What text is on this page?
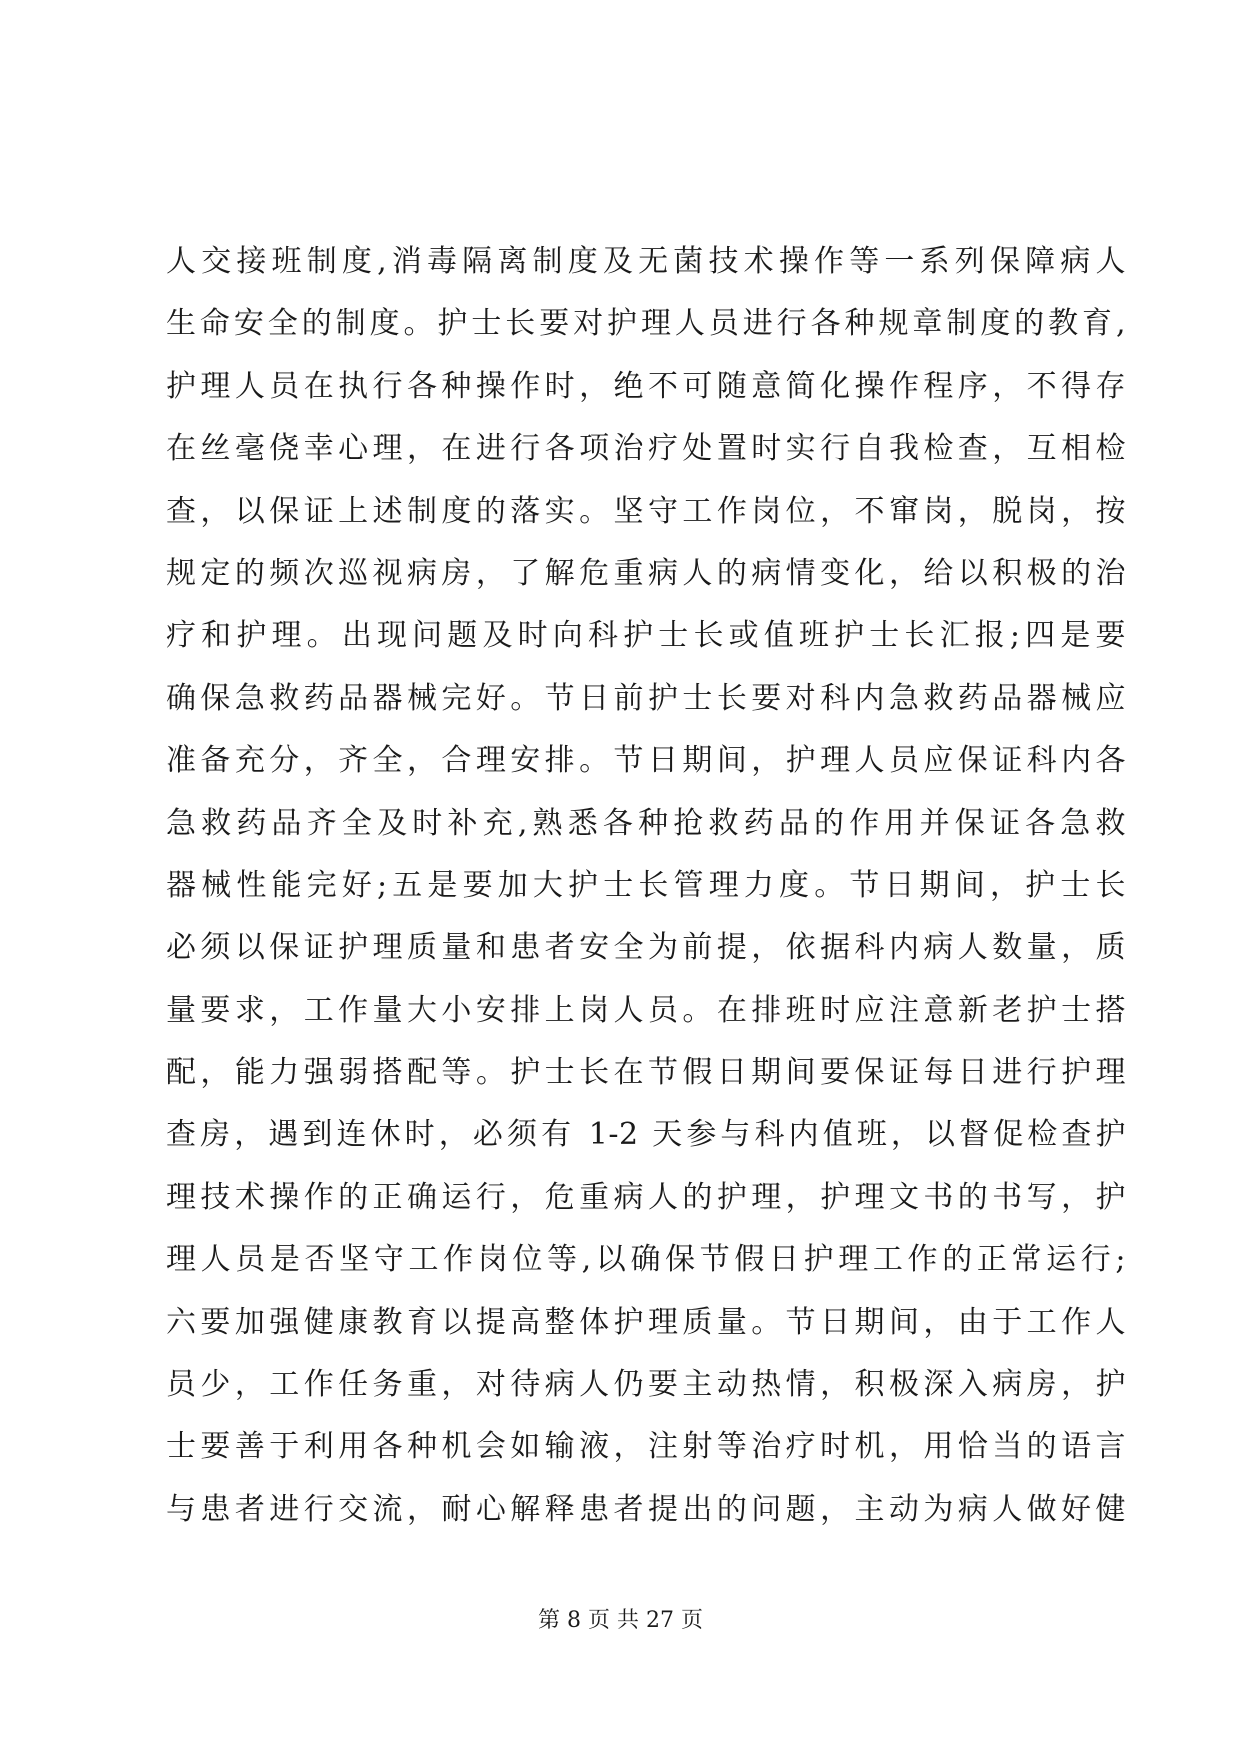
人交接班制度,消毒隔离制度及无菌技术操作等一系列保障病人
生命安全的制度。护士长要对护理人员进行各种规章制度的教育,
护理人员在执行各种操作时，绝不可随意简化操作程序，不得存
在丝毫侥幸心理，在进行各项治疗处置时实行自我检查，互相检
查，以保证上述制度的落实。坚守工作岗位，不窜岗，脱岗，按
规定的频次巡视病房，了解危重病人的病情变化，给以积极的治
疗和护理。出现问题及时向科护士长或值班护士长汇报;四是要
确保急救药品器械完好。节日前护士长要对科内急救药品器械应
准备充分，齐全，合理安排。节日期间，护理人员应保证科内各
急救药品齐全及时补充,熟悉各种抢救药品的作用并保证各急救
器械性能完好;五是要加大护士长管理力度。节日期间，护士长
必须以保证护理质量和患者安全为前提，依据科内病人数量，质
量要求，工作量大小安排上岗人员。在排班时应注意新老护士搭
配，能力强弱搭配等。护士长在节假日期间要保证每日进行护理
查房，遇到连休时，必须有 1-2 天参与科内值班，以督促检查护
理技术操作的正确运行，危重病人的护理，护理文书的书写，护
理人员是否坚守工作岗位等,以确保节假日护理工作的正常运行;
六要加强健康教育以提高整体护理质量。节日期间，由于工作人
员少，工作任务重，对待病人仍要主动热情，积极深入病房，护
士要善于利用各种机会如输液，注射等治疗时机，用恰当的语言
与患者进行交流，耐心解释患者提出的问题，主动为病人做好健
第 8 页 共 27 页
